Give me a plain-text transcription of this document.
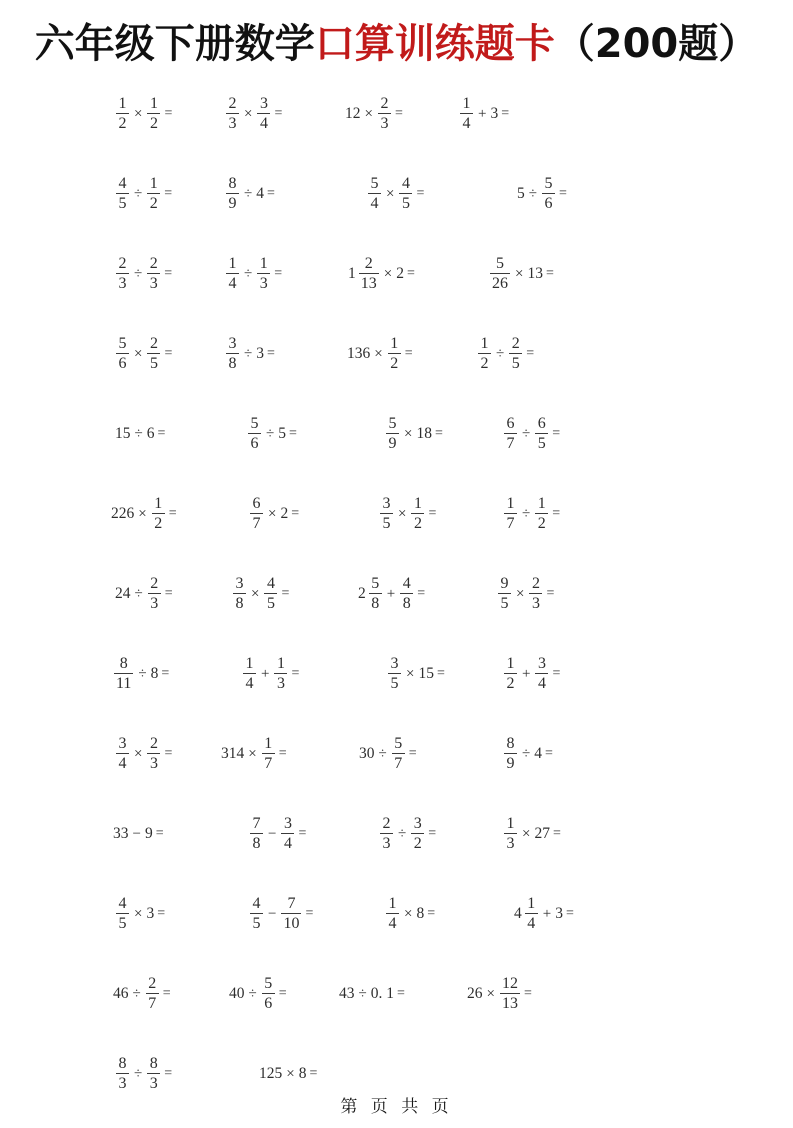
六年级下册数学口算训练题卡（200题）
$\frac{1}{2} \times \frac{1}{2}$ =	$\frac{2}{3} \times \frac{3}{4}$ =	$12 \times \frac{2}{3}$ =	$\frac{1}{4} + 3$ =
$\frac{4}{5} \div \frac{1}{2}$ =	$\frac{8}{9} \div 4$ =	$\frac{5}{4} \times \frac{4}{5}$ =	$5 \div \frac{5}{6}$ =
$\frac{2}{3} \div \frac{2}{3}$ =	$\frac{1}{4} \div \frac{1}{3}$ =	$1 \frac{2}{13} \times 2$ =	$\frac{5}{26} \times 13$ =
$\frac{5}{6} \times \frac{2}{5}$ =	$\frac{3}{8} \div 3$ =	$136 \times \frac{1}{2}$ =	$\frac{1}{2} \div \frac{2}{5}$ =
15 ÷ 6 =	$\frac{5}{6} \div 5$ =	$\frac{5}{9} \times 18$ =	$\frac{6}{7} \div \frac{6}{5}$ =
$226 \times \frac{1}{2}$ =	$\frac{6}{7} \times 2$ =	$\frac{3}{5} \times \frac{1}{2}$ =	$\frac{1}{7} \div \frac{1}{2}$ =
$24 \div \frac{2}{3}$ =	$\frac{3}{8} \times \frac{4}{5}$ =	$2 \frac{5}{8} + \frac{4}{8}$ =	$\frac{9}{5} \times \frac{2}{3}$ =
$\frac{8}{11} \div 8$ =	$\frac{1}{4} + \frac{1}{3}$ =	$\frac{3}{5} \times 15$ =	$\frac{1}{2} + \frac{3}{4}$ =
$\frac{3}{4} \times \frac{2}{3}$ =	$314 \times \frac{1}{7}$ =	$30 \div \frac{5}{7}$ =	$\frac{8}{9} \div 4$ =
33 − 9 =	$\frac{7}{8} - \frac{3}{4}$ =	$\frac{2}{3} \div \frac{3}{2}$ =	$\frac{1}{3} \times 27$ =
$\frac{4}{5} \times 3$ =	$\frac{4}{5} - \frac{7}{10}$ =	$\frac{1}{4} \times 8$ =	$4 \frac{1}{4} + 3$ =
$46 \div \frac{2}{7}$ =	$40 \div \frac{5}{6}$ =	43 ÷ 0. 1 =	$26 \times \frac{12}{13}$ =
$\frac{8}{3} \div \frac{8}{3}$ =	125 × 8 =
第 页 共 页
